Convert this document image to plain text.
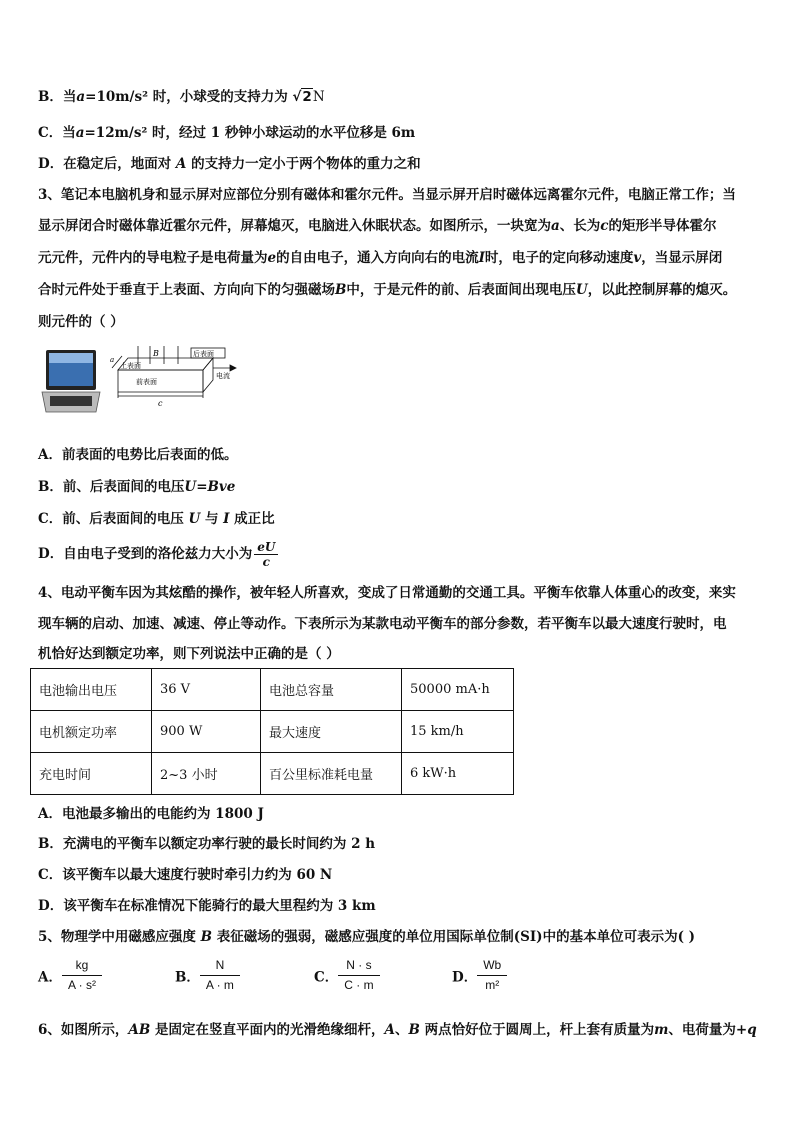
B．当a=10m/s² 时，小球受的支持力为 √2N
C．当a=12m/s² 时，经过 1 秒钟小球运动的水平位移是 6m
D．在稳定后，地面对 A 的支持力一定小于两个物体的重力之和
3、笔记本电脑机身和显示屏对应部位分别有磁体和霍尔元件。当显示屏开启时磁体远离霍尔元件，电脑正常工作；当
显示屏闭合时磁体靠近霍尔元件，屏幕熄灭，电脑进入休眠状态。如图所示，一块宽为a、长为c的矩形半导体霍尔
元元件，元件内的导电粒子是电荷量为e的自由电子，通入方向向右的电流I时，电子的定向移动速度v，当显示屏闭
合时元件处于垂直于上表面、方向向下的匀强磁场B中，于是元件的前、后表面间出现电压U，以此控制屏幕的熄灭。
则元件的（ ）
B	后表面
上表面
前表面
电流
a
c
A．前表面的电势比后表面的低。
B．前、后表面间的电压U=Bve
C．前、后表面间的电压 U 与 I 成正比
D．自由电子受到的洛伦兹力大小为 $\frac{eU}{c}$
4、电动平衡车因为其炫酷的操作，被年轻人所喜欢，变成了日常通勤的交通工具。平衡车依靠人体重心的改变，来实
现车辆的启动、加速、减速、停止等动作。下表所示为某款电动平衡车的部分参数，若平衡车以最大速度行驶时，电
机恰好达到额定功率，则下列说法中正确的是（ ）
电池输出电压	36 V	电池总容量	50000 mA·h
电机额定功率	900 W	最大速度	15 km/h
充电时间	2~3 小时	百公里标准耗电量	6 kW·h
A．电池最多输出的电能约为 1800 J
B．充满电的平衡车以额定功率行驶的最长时间约为 2 h
C．该平衡车以最大速度行驶时牵引力约为 60 N
D．该平衡车在标准情况下能骑行的最大里程约为 3 km
5、物理学中用磁感应强度 B 表征磁场的强弱，磁感应强度的单位用国际单位制(SI)中的基本单位可表示为( )
A． $\frac{kg}{\text{A · s²}}$	B． $\frac{N}{A \cdot m}$	C． $\frac{N \cdot s}{C \cdot m}$	D． $\frac{Wb}{\text{m²}}$
6、如图所示，AB 是固定在竖直平面内的光滑绝缘细杆，A、B 两点恰好位于圆周上，杆上套有质量为m、电荷量为+q
